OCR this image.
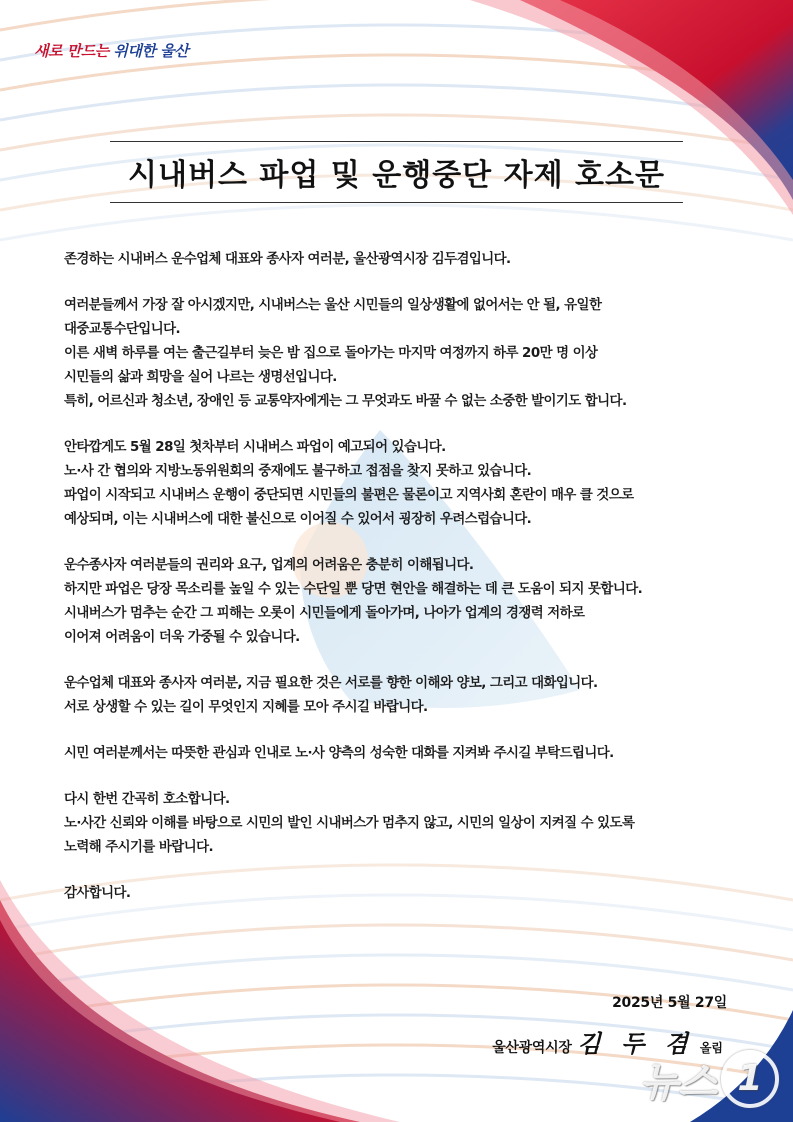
새로 만드는 위대한 울산
시내버스 파업 및 운행중단 자제 호소문
존경하는 시내버스 운수업체 대표와 종사자 여러분, 울산광역시장 김두겸입니다.
여러분들께서 가장 잘 아시겠지만, 시내버스는 울산 시민들의 일상생활에 없어서는 안 될, 유일한
대중교통수단입니다.
이른 새벽 하루를 여는 출근길부터 늦은 밤 집으로 돌아가는 마지막 여정까지 하루 20만 명 이상
시민들의 삶과 희망을 실어 나르는 생명선입니다.
특히, 어르신과 청소년, 장애인 등 교통약자에게는 그 무엇과도 바꿀 수 없는 소중한 발이기도 합니다.
안타깝게도 5월 28일 첫차부터 시내버스 파업이 예고되어 있습니다.
노·사 간 협의와 지방노동위원회의 중재에도 불구하고 접점을 찾지 못하고 있습니다.
파업이 시작되고 시내버스 운행이 중단되면 시민들의 불편은 물론이고 지역사회 혼란이 매우 클 것으로
예상되며, 이는 시내버스에 대한 불신으로 이어질 수 있어서 굉장히 우려스럽습니다.
운수종사자 여러분들의 권리와 요구, 업계의 어려움은 충분히 이해됩니다.
하지만 파업은 당장 목소리를 높일 수 있는 수단일 뿐 당면 현안을 해결하는 데 큰 도움이 되지 못합니다.
시내버스가 멈추는 순간 그 피해는 오롯이 시민들에게 돌아가며, 나아가 업계의 경쟁력 저하로
이어져 어려움이 더욱 가중될 수 있습니다.
운수업체 대표와 종사자 여러분, 지금 필요한 것은 서로를 향한 이해와 양보, 그리고 대화입니다.
서로 상생할 수 있는 길이 무엇인지 지혜를 모아 주시길 바랍니다.
시민 여러분께서는 따뜻한 관심과 인내로 노·사 양측의 성숙한 대화를 지켜봐 주시길 부탁드립니다.
다시 한번 간곡히 호소합니다.
노·사간 신뢰와 이해를 바탕으로 시민의 발인 시내버스가 멈추지 않고, 시민의 일상이 지켜질 수 있도록
노력해 주시기를 바랍니다.
감사합니다.
2025년 5월 27일
울산광역시장 김 두 겸 올림
뉴스 1
